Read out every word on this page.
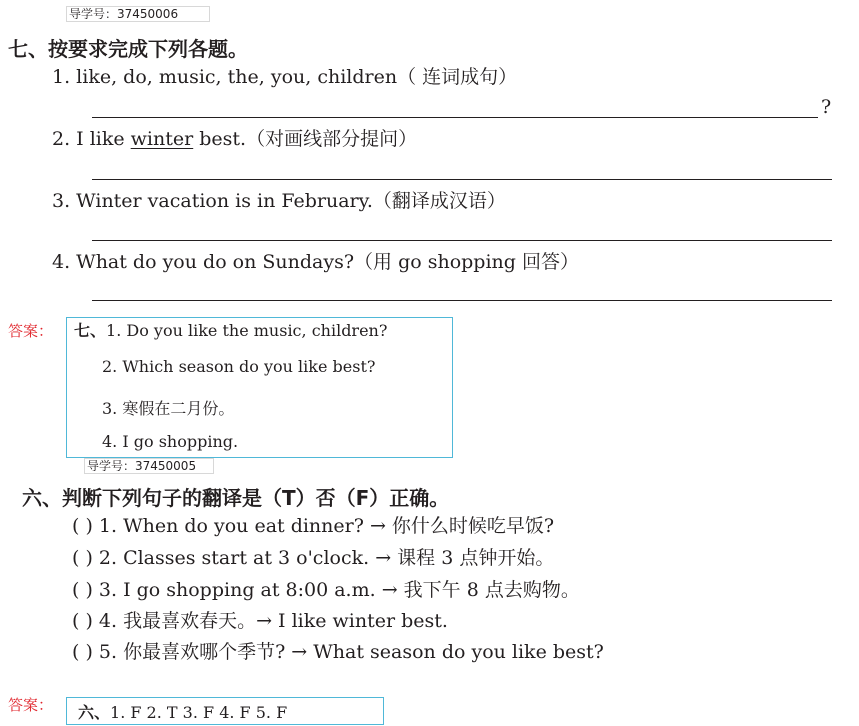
导学号：37450006
七、按要求完成下列各题。
1. like, do, music, the, you, children（ 连词成句）
?
2. I like winter best.（对画线部分提问）
3. Winter vacation is in February.（翻译成汉语）
4. What do you do on Sundays?（用 go shopping 回答）
答案： 七、1. Do you like the music, children?
2. Which season do you like best?
3. 寒假在二月份。
4. I go shopping.
导学号：37450005
六、判断下列句子的翻译是（T）否（F）正确。
( ) 1. When do you eat dinner? → 你什么时候吃早饭?
( ) 2. Classes start at 3 o'clock. → 课程 3 点钟开始。
( ) 3. I go shopping at 8:00 a.m. → 我下午 8 点去购物。
( ) 4. 我最喜欢春天。→ I like winter best.
( ) 5. 你最喜欢哪个季节? → What season do you like best?
答案： 六、1. F 2. T 3. F 4. F 5. F
